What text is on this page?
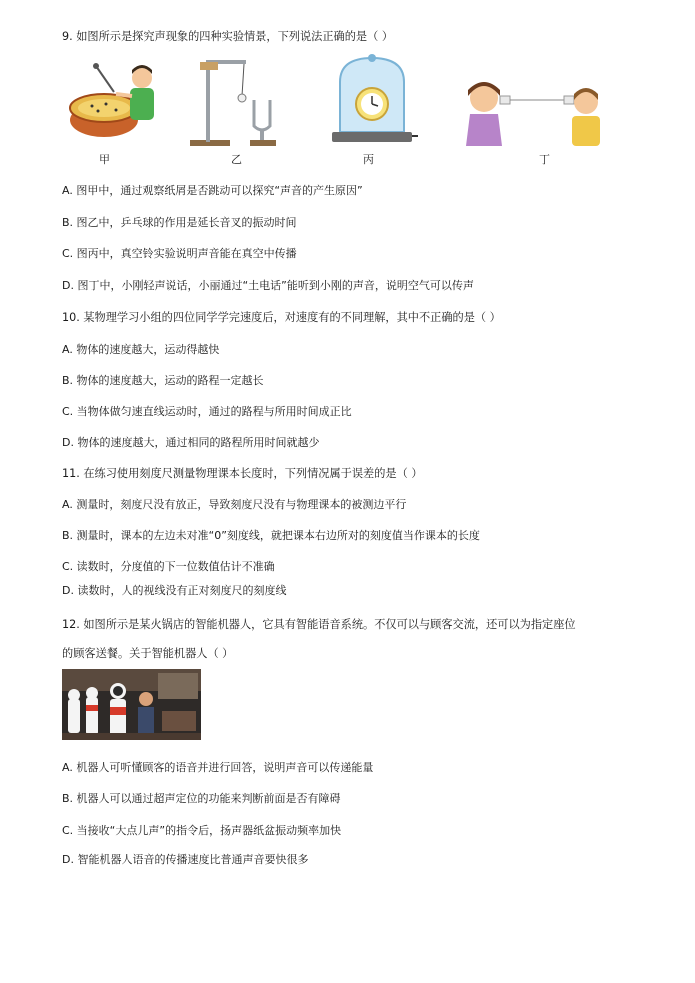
9. 如图所示是探究声现象的四种实验情景，下列说法正确的是（ ）
甲	乙	丙	丁
A. 图甲中，通过观察纸屑是否跳动可以探究“声音的产生原因”
B. 图乙中，乒乓球的作用是延长音叉的振动时间
C. 图丙中，真空铃实验说明声音能在真空中传播
D. 图丁中，小刚轻声说话，小丽通过“土电话”能听到小刚的声音，说明空气可以传声
10. 某物理学习小组的四位同学学完速度后，对速度有的不同理解，其中不正确的是（ ）
A. 物体的速度越大，运动得越快
B. 物体的速度越大，运动的路程一定越长
C. 当物体做匀速直线运动时，通过的路程与所用时间成正比
D. 物体的速度越大，通过相同的路程所用时间就越少
11. 在练习使用刻度尺测量物理课本长度时，下列情况属于误差的是（ ）
A. 测量时，刻度尺没有放正，导致刻度尺没有与物理课本的被测边平行
B. 测量时，课本的左边未对准“0”刻度线，就把课本右边所对的刻度值当作课本的长度
C. 读数时，分度值的下一位数值估计不准确
D. 读数时，人的视线没有正对刻度尺的刻度线
12. 如图所示是某火锅店的智能机器人，它具有智能语音系统。不仅可以与顾客交流，还可以为指定座位
的顾客送餐。关于智能机器人（ ）
A. 机器人可听懂顾客的语音并进行回答，说明声音可以传递能量
B. 机器人可以通过超声定位的功能来判断前面是否有障碍
C. 当接收“大点儿声”的指令后，扬声器纸盆振动频率加快
D. 智能机器人语音的传播速度比普通声音要快很多
